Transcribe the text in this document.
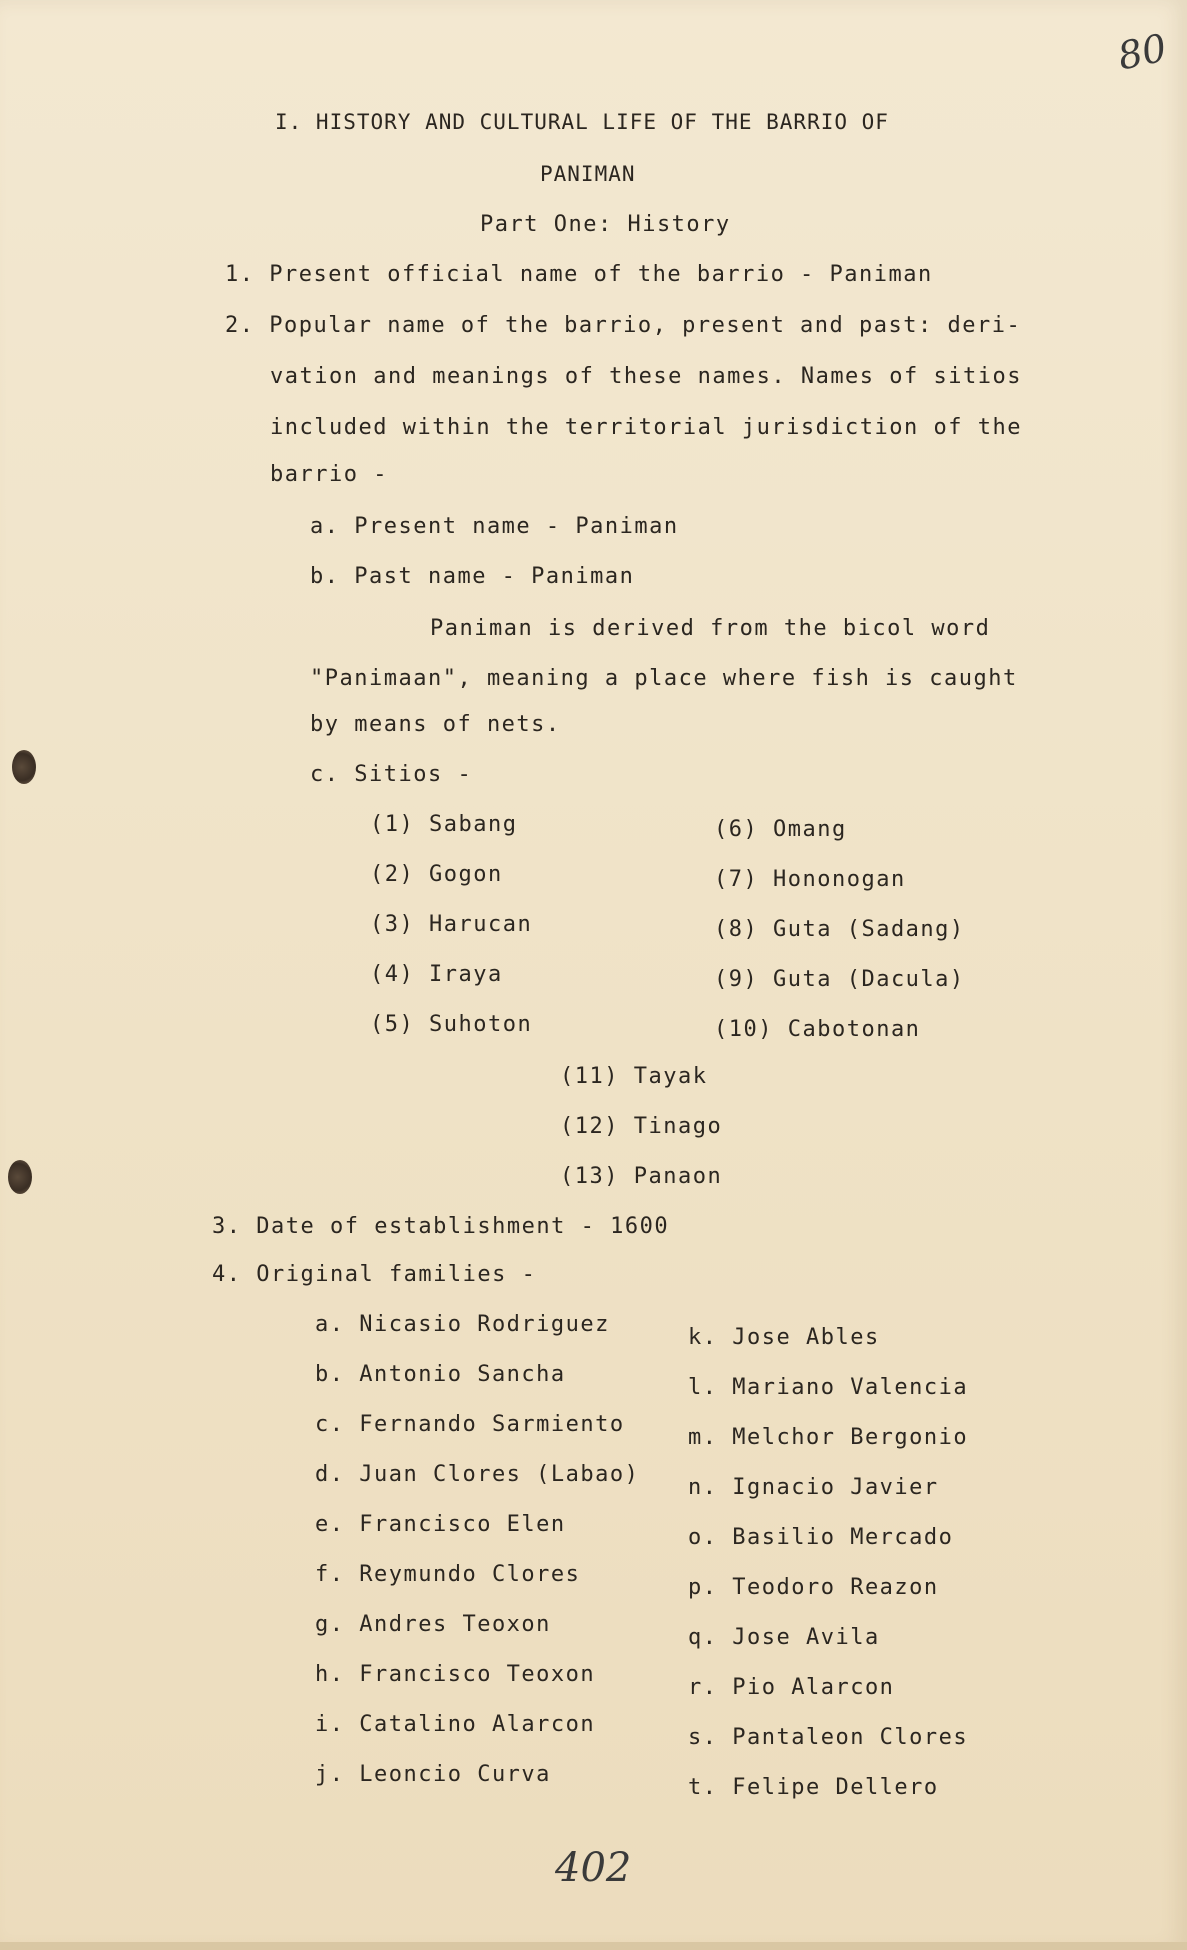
80
I. HISTORY AND CULTURAL LIFE OF THE BARRIO OF
PANIMAN
Part One: History
1. Present official name of the barrio - Paniman
2. Popular name of the barrio, present and past: deri-
vation and meanings of these names. Names of sitios
included within the territorial jurisdiction of the
barrio -
a. Present name - Paniman
b. Past name - Paniman
Paniman is derived from the bicol word
"Panimaan", meaning a place where fish is caught
by means of nets.
c. Sitios -
(1) Sabang
(2) Gogon
(3) Harucan
(4) Iraya
(5) Suhoton
(6) Omang
(7) Hononogan
(8) Guta (Sadang)
(9) Guta (Dacula)
(10) Cabotonan
(11) Tayak
(12) Tinago
(13) Panaon
3. Date of establishment - 1600
4. Original families -
a. Nicasio Rodriguez
b. Antonio Sancha
c. Fernando Sarmiento
d. Juan Clores (Labao)
e. Francisco Elen
f. Reymundo Clores
g. Andres Teoxon
h. Francisco Teoxon
i. Catalino Alarcon
j. Leoncio Curva
k. Jose Ables
l. Mariano Valencia
m. Melchor Bergonio
n. Ignacio Javier
o. Basilio Mercado
p. Teodoro Reazon
q. Jose Avila
r. Pio Alarcon
s. Pantaleon Clores
t. Felipe Dellero
402
